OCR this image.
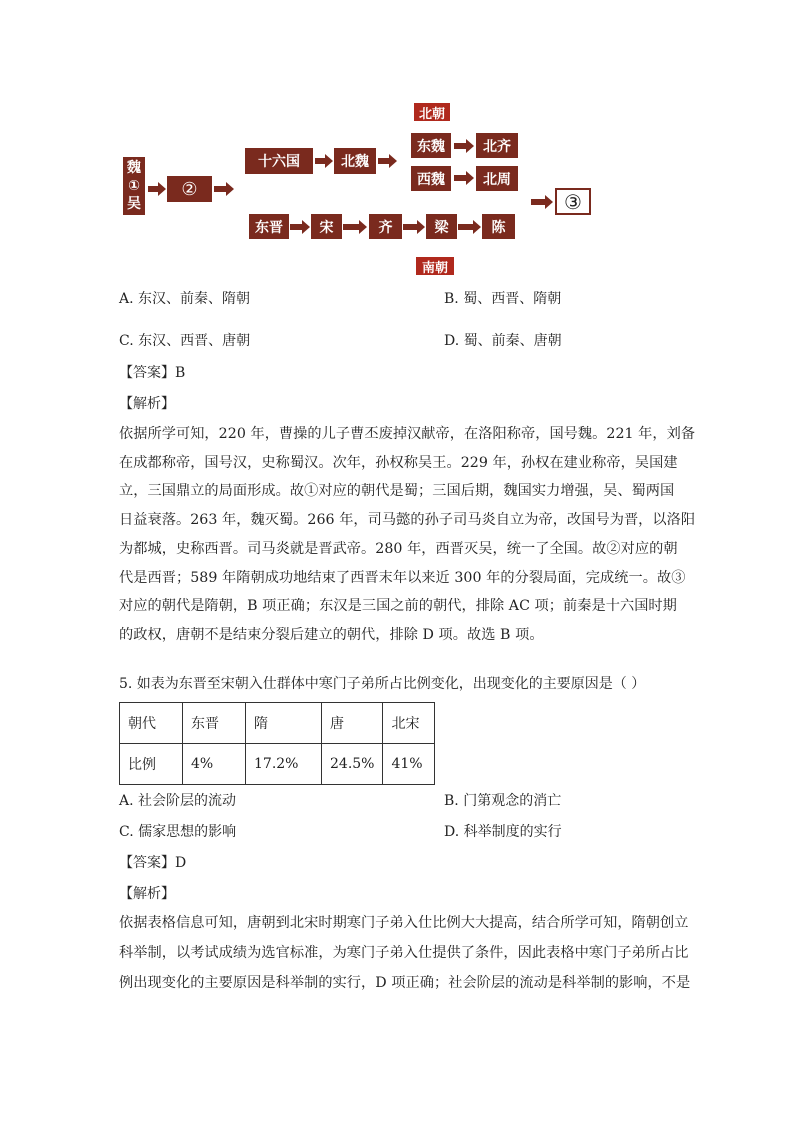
北朝
南朝
魏
①
吴
②
十六国	北魏
东魏	北齐
西魏	北周
东晋	宋	齐	梁	陈
③
A. 东汉、前秦、隋朝	B. 蜀、西晋、隋朝
C. 东汉、西晋、唐朝	D. 蜀、前秦、唐朝
【答案】B
【解析】
依据所学可知，220 年，曹操的儿子曹丕废掉汉献帝，在洛阳称帝，国号魏。221 年，刘备
在成都称帝，国号汉，史称蜀汉。次年，孙权称吴王。229 年，孙权在建业称帝，吴国建
立，三国鼎立的局面形成。故①对应的朝代是蜀；三国后期，魏国实力增强，吴、蜀两国
日益衰落。263 年，魏灭蜀。266 年，司马懿的孙子司马炎自立为帝，改国号为晋，以洛阳
为都城，史称西晋。司马炎就是晋武帝。280 年，西晋灭吴，统一了全国。故②对应的朝
代是西晋；589 年隋朝成功地结束了西晋末年以来近 300 年的分裂局面，完成统一。故③
对应的朝代是隋朝，B 项正确；东汉是三国之前的朝代，排除 AC 项；前秦是十六国时期
的政权，唐朝不是结束分裂后建立的朝代，排除 D 项。故选 B 项。
5. 如表为东晋至宋朝入仕群体中寒门子弟所占比例变化，出现变化的主要原因是（ ）
朝代	东晋	隋	唐	北宋
比例	4%	17.2%	24.5%	41%
A. 社会阶层的流动	B. 门第观念的消亡
C. 儒家思想的影响	D. 科举制度的实行
【答案】D
【解析】
依据表格信息可知，唐朝到北宋时期寒门子弟入仕比例大大提高，结合所学可知，隋朝创立
科举制，以考试成绩为选官标准，为寒门子弟入仕提供了条件，因此表格中寒门子弟所占比
例出现变化的主要原因是科举制的实行，D 项正确；社会阶层的流动是科举制的影响，不是
